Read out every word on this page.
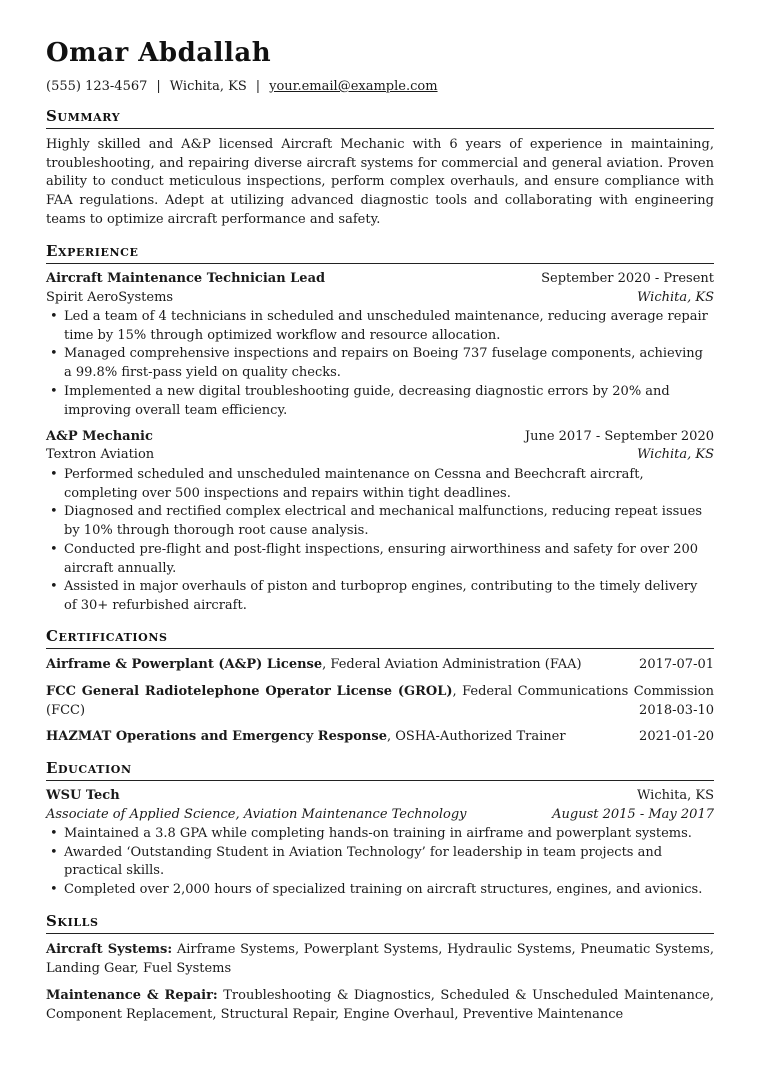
Omar Abdallah
(555) 123-4567 | Wichita, KS | your.email@example.com
Summary
Highly skilled and A&P licensed Aircraft Mechanic with 6 years of experience in maintaining, troubleshooting, and repairing diverse aircraft systems for commercial and general aviation. Proven ability to conduct meticulous inspections, perform complex overhauls, and ensure compliance with FAA regulations. Adept at utilizing advanced diagnostic tools and collaborating with engineering teams to optimize aircraft performance and safety.
Experience
Aircraft Maintenance Technician Lead	September 2020 - Present
Spirit AeroSystems	Wichita, KS
• Led a team of 4 technicians in scheduled and unscheduled maintenance, reducing average repair time by 15% through optimized workflow and resource allocation.
• Managed comprehensive inspections and repairs on Boeing 737 fuselage components, achieving a 99.8% first-pass yield on quality checks.
• Implemented a new digital troubleshooting guide, decreasing diagnostic errors by 20% and improving overall team efficiency.
A&P Mechanic	June 2017 - September 2020
Textron Aviation	Wichita, KS
• Performed scheduled and unscheduled maintenance on Cessna and Beechcraft aircraft, completing over 500 inspections and repairs within tight deadlines.
• Diagnosed and rectified complex electrical and mechanical malfunctions, reducing repeat issues by 10% through thorough root cause analysis.
• Conducted pre-flight and post-flight inspections, ensuring airworthiness and safety for over 200 aircraft annually.
• Assisted in major overhauls of piston and turboprop engines, contributing to the timely delivery of 30+ refurbished aircraft.
Certifications
Airframe & Powerplant (A&P) License, Federal Aviation Administration (FAA)	2017-07-01
FCC General Radiotelephone Operator License (GROL), Federal Communications Commission (FCC)	2018-03-10
HAZMAT Operations and Emergency Response, OSHA-Authorized Trainer	2021-01-20
Education
WSU Tech	Wichita, KS
Associate of Applied Science, Aviation Maintenance Technology	August 2015 - May 2017
• Maintained a 3.8 GPA while completing hands-on training in airframe and powerplant systems.
• Awarded ‘Outstanding Student in Aviation Technology’ for leadership in team projects and practical skills.
• Completed over 2,000 hours of specialized training on aircraft structures, engines, and avionics.
Skills
Aircraft Systems: Airframe Systems, Powerplant Systems, Hydraulic Systems, Pneumatic Systems, Landing Gear, Fuel Systems
Maintenance & Repair: Troubleshooting & Diagnostics, Scheduled & Unscheduled Maintenance, Component Replacement, Structural Repair, Engine Overhaul, Preventive Maintenance
